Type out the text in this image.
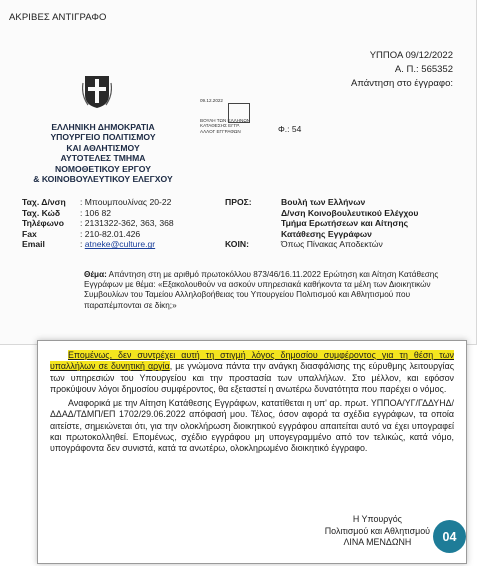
ΑΚΡΙΒΕΣ ΑΝΤΙΓΡΑΦΟ
ΥΠΠΟΑ 09/12/2022
Α. Π.: 565352
Απάντηση στο έγγραφο:
ΕΛΛΗΝΙΚΗ ΔΗΜΟΚΡΑΤΙΑ
ΥΠΟΥΡΓΕΙΟ ΠΟΛΙΤΙΣΜΟΥ
ΚΑΙ ΑΘΛΗΤΙΣΜΟΥ
ΑΥΤΟΤΕΛΕΣ ΤΜΗΜΑ
ΝΟΜΟΘΕΤΙΚΟΥ ΕΡΓΟΥ
& ΚΟΙΝΟΒΟΥΛΕΥΤΙΚΟΥ ΕΛΕΓΧΟΥ
09.12.2022
ΒΟΥΛΗ ΤΩΝ ΕΛΛΗΝΩΝ
ΚΑΤΑΘΕΣΗΣ ΕΓΓΡ.
ΑΛΛΟΓ ΕΓΓΡΑΦΩΝ	Φ.: 54
Ταχ. Δ/νση	: Μπουμπουλίνας 20-22
Ταχ. Κώδ	: 106 82
Τηλέφωνο	: 2131322-362, 363, 368
Fax	: 210-82.01.426
Email	: atneke@culture.gr
ΠΡΟΣ:	Βουλή των Ελλήνων
Δ/νση Κοινοβουλευτικού Ελέγχου
Τμήμα Ερωτήσεων και Αίτησης
Κατάθεσης Εγγράφων
ΚΟΙΝ:	Όπως Πίνακας Αποδεκτών
Θέμα: Απάντηση στη με αριθμό πρωτοκόλλου 873/46/16.11.2022 Ερώτηση και Αίτηση Κατάθεσης Εγγράφων με θέμα: «Εξακολουθούν να ασκούν υπηρεσιακά καθήκοντα τα μέλη των Διοικητικών Συμβουλίων του Ταμείου Αλληλοβοήθειας του Υπουργείου Πολιτισμού και Αθλητισμού που παραπέμπονται σε δίκη;»

Επομένως, δεν συντρέχει αυτή τη στιγμή λόγος δημοσίου συμφέροντος για τη θέση των υπαλλήλων σε δυνητική αργία, με γνώμονα πάντα την ανάγκη διασφάλισης της εύρυθμης λειτουργίας των υπηρεσιών του Υπουργείου και την προστασία των υπαλλήλων. Στο μέλλον, και εφόσον προκύψουν λόγοι δημοσίου συμφέροντος, θα εξεταστεί η ανωτέρω δυνατότητα που παρέχει ο νόμος.

Αναφορικά με την Αίτηση Κατάθεσης Εγγράφων, κατατίθεται η υπ' αρ. πρωτ. ΥΠΠΟΑ/ΥΓ/ΓΔΔΥΗΔ/ΔΔΑΔ/ΤΔΜΠ/ΕΠ 1702/29.06.2022 απόφασή μου. Τέλος, όσον αφορά τα σχέδια εγγράφων, τα οποία αιτείστε, σημειώνεται ότι, για την ολοκλήρωση διοικητικού εγγράφου απαιτείται αυτό να έχει υπογραφεί και πρωτοκολληθεί. Επομένως, σχέδιο εγγράφου μη υπογεγραμμένο από τον τελικώς, κατά νόμο, υπογράφοντα δεν συνιστά, κατά τα ανωτέρω, ολοκληρωμένο διοικητικό έγγραφο.

Η Υπουργός
Πολιτισμού και Αθλητισμού
ΛΙΝΑ ΜΕΝΔΩΝΗ	04
